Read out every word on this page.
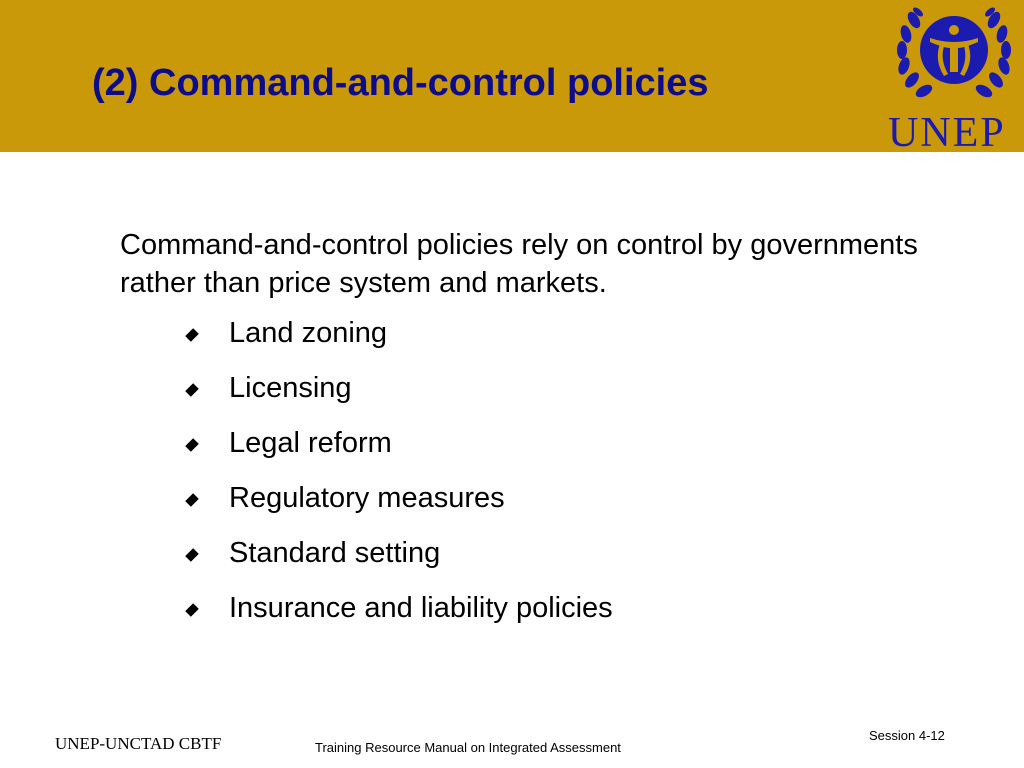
(2) Command-and-control policies
UNEP

Command-and-control policies rely on control by governments rather than price system and markets.

Land zoning
Licensing
Legal reform
Regulatory measures
Standard setting
Insurance and liability policies
UNEP-UNCTAD CBTF	Training Resource Manual on Integrated Assessment
Session 4-12
